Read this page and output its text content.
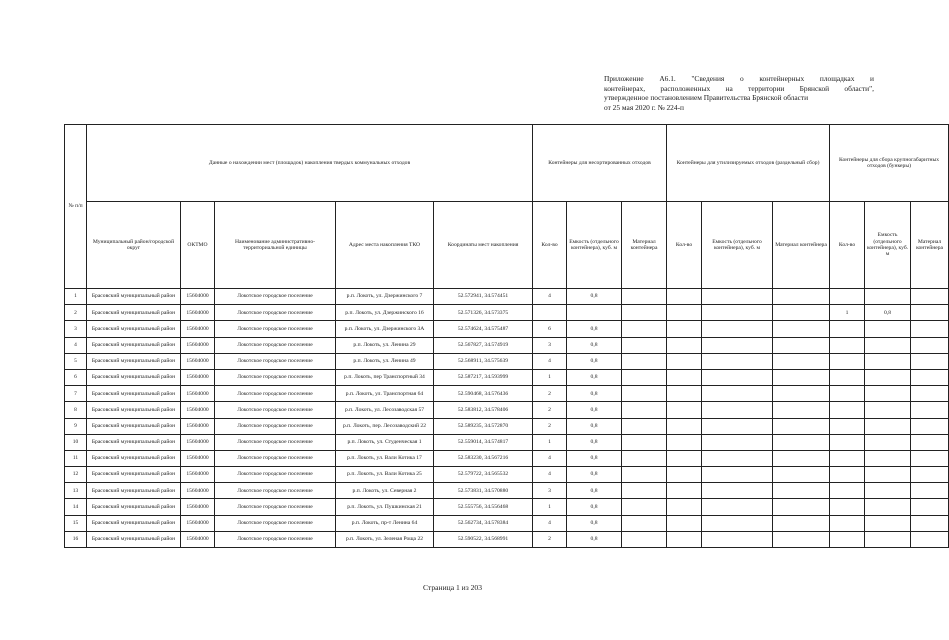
Приложение А6.1. "Сведения о контейнерных площадках и
контейнерах, расположенных на территории Брянской области",
утвержденное постановлением Правительства Брянской области
от 25 мая 2020 г. № 224-п
№ п/п	Данные о нахождении мест (площадок) накопления твердых коммунальных отходов					Контейнеры для несортированных отходов			Контейнеры для утилизируемых отходов (раздельный сбор)			Контейнеры для сбора крупногабаритных отходов (бункеры)		
	Муниципальный район/городской округ	ОКТМО	Наименование административно-территориальной единицы	Адрес места накопления ТКО	Координаты мест накопления	Кол-во	Емкость (отдельного контейнера), куб. м	Материал контейнера	Кол-во	Емкость (отдельного контейнера), куб. м	Материал контейнера	Кол-во	Емкость (отдельного контейнера), куб. м	Материал контейнера
1	Брасовский муниципальный район	15604000	Локотское городское поселение	р.п. Локоть, ул. Дзержинского 7	52.572941, 34.574451	4	0,8							
2	Брасовский муниципальный район	15604000	Локотское городское поселение	р.п. Локоть, ул. Дзержинского 16	52.571326, 34.573375							1	0,8	
3	Брасовский муниципальный район	15604000	Локотское городское поселение	р.п. Локоть, ул. Дзержинского 3А	52.574624, 34.575487	6	0,8							
4	Брасовский муниципальный район	15604000	Локотское городское поселение	р.п. Локоть, ул. Ленина 29	52.567827, 34.574919	3	0,8							
5	Брасовский муниципальный район	15604000	Локотское городское поселение	р.п. Локоть, ул. Ленина 49	52.568911, 34.575639	4	0,8							
6	Брасовский муниципальный район	15604000	Локотское городское поселение	р.п. Локоть, пер Транспортный 34	52.587217, 34.593999	1	0,8							
7	Брасовский муниципальный район	15604000	Локотское городское поселение	р.п. Локоть, ул. Транспортная 64	52.590468, 34.576436	2	0,8							
8	Брасовский муниципальный район	15604000	Локотское городское поселение	р.п. Локоть, ул. Лесозаводская 57	52.583812, 34.578406	2	0,8							
9	Брасовский муниципальный район	15604000	Локотское городское поселение	р.п. Локоть, пер. Лесозаводский 22	52.589235, 34.572870	2	0,8							
10	Брасовский муниципальный район	15604000	Локотское городское поселение	р.п. Локоть, ул. Студенческая 1	52.559014, 34.574817	1	0,8							
11	Брасовский муниципальный район	15604000	Локотское городское поселение	р.п. Локоть, ул. Вали Котика 17	52.583230, 34.567216	4	0,8							
12	Брасовский муниципальный район	15604000	Локотское городское поселение	р.п. Локоть, ул. Вали Котика 25	52.579722, 34.565532	4	0,8							
13	Брасовский муниципальный район	15604000	Локотское городское поселение	р.п. Локоть, ул. Северная 2	52.573831, 34.570880	3	0,8							
14	Брасовский муниципальный район	15604000	Локотское городское поселение	р.п. Локоть, ул. Пушкинская 21	52.555756, 34.556468	1	0,8							
15	Брасовский муниципальный район	15604000	Локотское городское поселение	р.п. Локоть, пр-т Ленина 64	52.562734, 34.578384	4	0,8							
16	Брасовский муниципальный район	15604000	Локотское городское поселение	р.п. Локоть, ул. Зеленая Роща 22	52.590522, 34.568991	2	0,8							
Страница 1 из 203
